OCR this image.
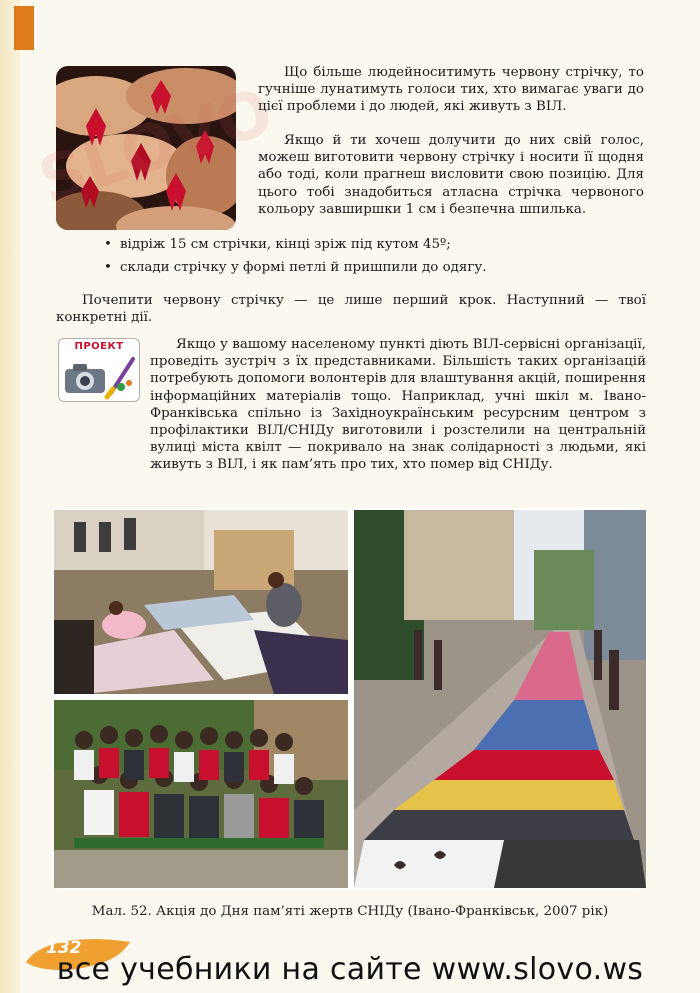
Що більше людейноситимуть червону стрічку, то гучніше лунатимуть голоси тих, хто вимагає уваги до цієї проблеми і до людей, які живуть з ВІЛ.

Якщо й ти хочеш долучити до них свій голос, можеш виготовити червону стрічку і носити її щодня або тоді, коли прагнеш висловити свою позицію. Для цього тобі знадобиться атласна стрічка червоного кольору завширшки 1 см і безпечна шпилька.

• відріж 15 см стрічки, кінці зріж під кутом 45º;
• склади стрічку у формі петлі й пришпили до одягу.

Почепити червону стрічку — це лише перший крок. Наступний — твої конкретні дії.

ПРОЕКТ	Якщо у вашому населеному пункті діють ВІЛ-сервісні організації, проведіть зустріч з їх представниками. Більшість таких організацій потребують допомоги волонтерів для влаштування акцій, поширення інформаційних матеріалів тощо. Наприклад, учні шкіл м. Івано-Франківська спільно із Західноукраїнським ресурсним центром з профілактики ВІЛ/СНІДу виготовили і розстелили на центральній вулиці міста квілт — покривало на знак солідарності з людьми, які живуть з ВІЛ, і як пам’ять про тих, хто помер від СНІДу.

Мал. 52. Акція до Дня пам’яті жертв СНІДу (Івано-Франківськ, 2007 рік)
132
все учебники на сайте www.slovo.ws
